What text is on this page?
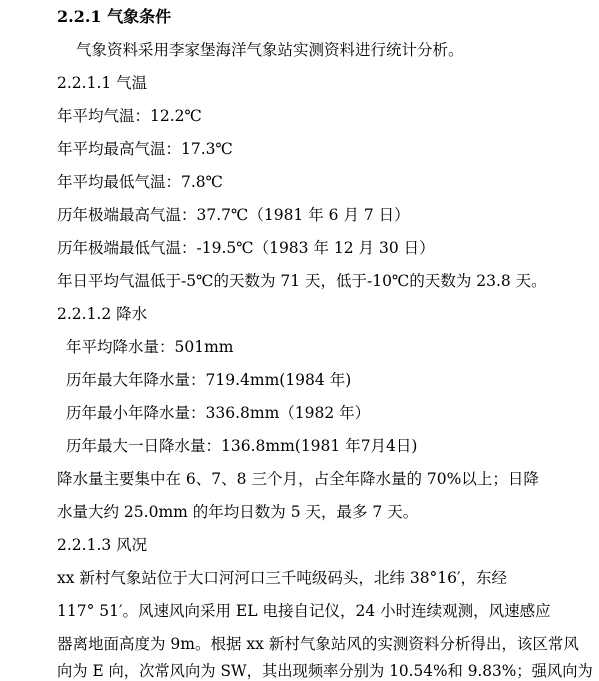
2.2.1 气象条件
气象资料采用李家堡海洋气象站实测资料进行统计分析。
2.2.1.1 气温
年平均气温：12.2℃
年平均最高气温：17.3℃
年平均最低气温：7.8℃
历年极端最高气温：37.7℃（1981 年 6 月 7 日）
历年极端最低气温：-19.5℃（1983 年 12 月 30 日）
年日平均气温低于-5℃的天数为 71 天，低于-10℃的天数为 23.8 天。
2.2.1.2 降水
年平均降水量：501mm
历年最大年降水量：719.4mm(1984 年)
历年最小年降水量：336.8mm（1982 年）
历年最大一日降水量：136.8mm(1981 年7月4日)
降水量主要集中在 6、7、8 三个月，占全年降水量的 70%以上；日降
水量大约 25.0mm 的年均日数为 5 天，最多 7 天。
2.2.1.3 风况
xx 新村气象站位于大口河河口三千吨级码头，北纬 38°16′，东经
117° 51′。风速风向采用 EL 电接自记仪，24 小时连续观测，风速感应
器离地面高度为 9m。根据 xx 新村气象站风的实测资料分析得出，该区常风
向为 E 向，次常风向为 SW，其出现频率分别为 10.54%和 9.83%；强风向为
